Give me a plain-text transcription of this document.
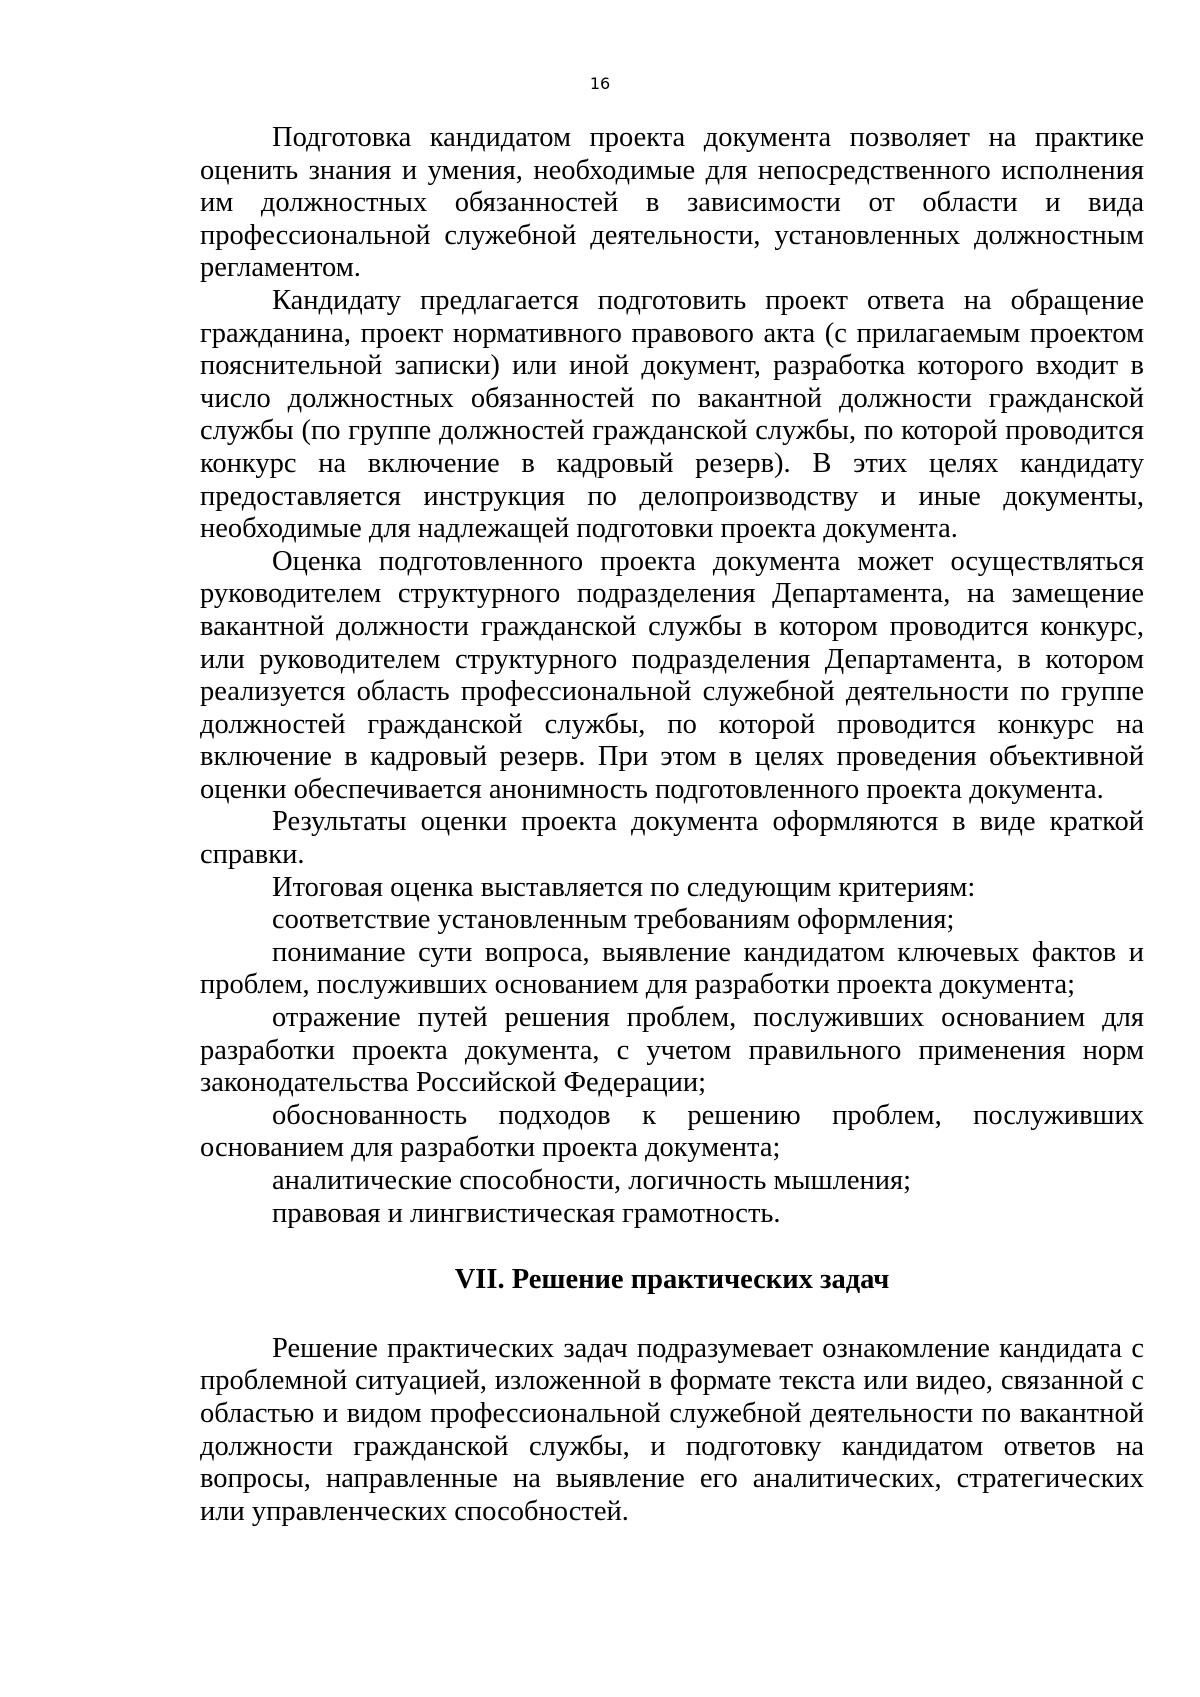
16

Подготовка кандидатом проекта документа позволяет на практике оценить знания и умения, необходимые для непосредственного исполнения им должностных обязанностей в зависимости от области и вида профессиональной служебной деятельности, установленных должностным регламентом.

Кандидату предлагается подготовить проект ответа на обращение гражданина, проект нормативного правового акта (с прилагаемым проектом пояснительной записки) или иной документ, разработка которого входит в число должностных обязанностей по вакантной должности гражданской службы (по группе должностей гражданской службы, по которой проводится конкурс на включение в кадровый резерв). В этих целях кандидату предоставляется инструкция по делопроизводству и иные документы, необходимые для надлежащей подготовки проекта документа.

Оценка подготовленного проекта документа может осуществляться руководителем структурного подразделения Департамента, на замещение вакантной должности гражданской службы в котором проводится конкурс, или руководителем структурного подразделения Департамента, в котором реализуется область профессиональной служебной деятельности по группе должностей гражданской службы, по которой проводится конкурс на включение в кадровый резерв. При этом в целях проведения объективной оценки обеспечивается анонимность подготовленного проекта документа.

Результаты оценки проекта документа оформляются в виде краткой справки.

Итоговая оценка выставляется по следующим критериям:

соответствие установленным требованиям оформления;

понимание сути вопроса, выявление кандидатом ключевых фактов и проблем, послуживших основанием для разработки проекта документа;

отражение путей решения проблем, послуживших основанием для разработки проекта документа, с учетом правильного применения норм законодательства Российской Федерации;

обоснованность подходов к решению проблем, послуживших основанием для разработки проекта документа;

аналитические способности, логичность мышления;

правовая и лингвистическая грамотность.

VII. Решение практических задач

Решение практических задач подразумевает ознакомление кандидата с проблемной ситуацией, изложенной в формате текста или видео, связанной с областью и видом профессиональной служебной деятельности по вакантной должности гражданской службы, и подготовку кандидатом ответов на вопросы, направленные на выявление его аналитических, стратегических или управленческих способностей.
